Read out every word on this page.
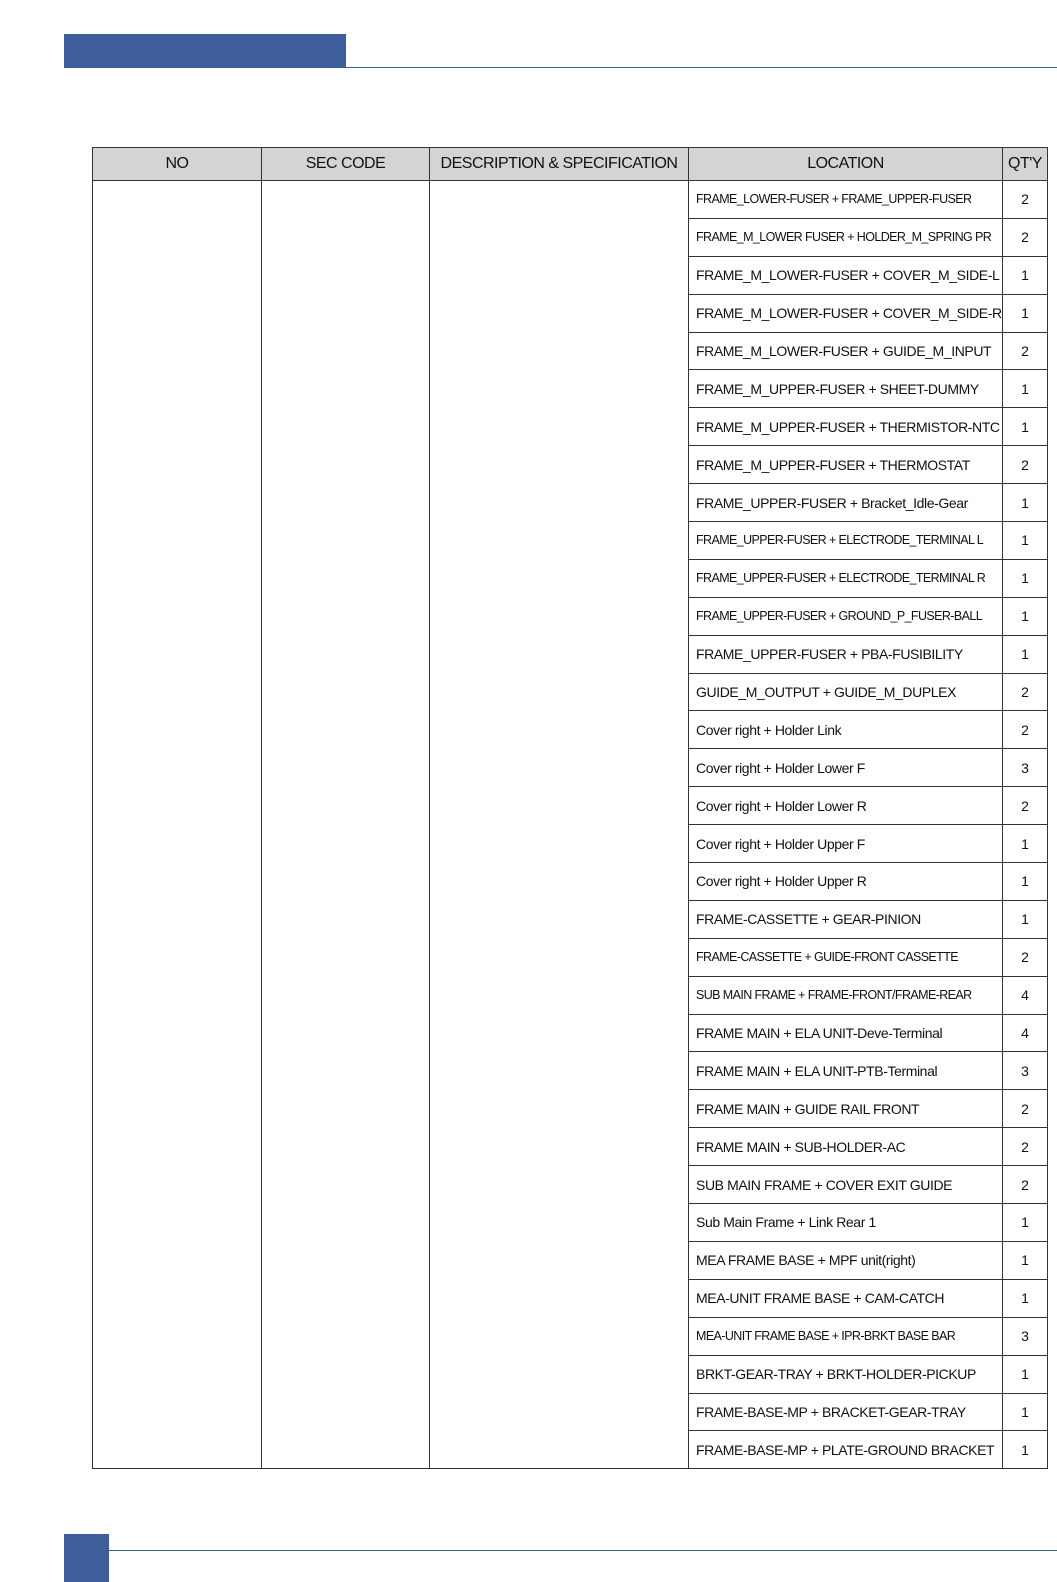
NO	SEC CODE	DESCRIPTION & SPECIFICATION	LOCATION	QT'Y
			FRAME_LOWER-FUSER + FRAME_UPPER-FUSER	2
			FRAME_M_LOWER FUSER + HOLDER_M_SPRING PR	2
			FRAME_M_LOWER-FUSER + COVER_M_SIDE-L	1
			FRAME_M_LOWER-FUSER + COVER_M_SIDE-R	1
			FRAME_M_LOWER-FUSER + GUIDE_M_INPUT	2
			FRAME_M_UPPER-FUSER + SHEET-DUMMY	1
			FRAME_M_UPPER-FUSER + THERMISTOR-NTC	1
			FRAME_M_UPPER-FUSER + THERMOSTAT	2
			FRAME_UPPER-FUSER + Bracket_Idle-Gear	1
			FRAME_UPPER-FUSER + ELECTRODE_TERMINAL L	1
			FRAME_UPPER-FUSER + ELECTRODE_TERMINAL R	1
			FRAME_UPPER-FUSER + GROUND_P_FUSER-BALL	1
			FRAME_UPPER-FUSER + PBA-FUSIBILITY	1
			GUIDE_M_OUTPUT + GUIDE_M_DUPLEX	2
			Cover right + Holder Link	2
			Cover right + Holder Lower F	3
			Cover right + Holder Lower R	2
			Cover right + Holder Upper F	1
			Cover right + Holder Upper R	1
			FRAME-CASSETTE + GEAR-PINION	1
			FRAME-CASSETTE + GUIDE-FRONT CASSETTE	2
			SUB MAIN FRAME + FRAME-FRONT/FRAME-REAR	4
			FRAME MAIN + ELA UNIT-Deve-Terminal	4
			FRAME MAIN + ELA UNIT-PTB-Terminal	3
			FRAME MAIN + GUIDE RAIL FRONT	2
			FRAME MAIN + SUB-HOLDER-AC	2
			SUB MAIN FRAME + COVER EXIT GUIDE	2
			Sub Main Frame + Link Rear 1	1
			MEA FRAME BASE + MPF unit(right)	1
			MEA-UNIT FRAME BASE + CAM-CATCH	1
			MEA-UNIT FRAME BASE + IPR-BRKT BASE BAR	3
			BRKT-GEAR-TRAY + BRKT-HOLDER-PICKUP	1
			FRAME-BASE-MP + BRACKET-GEAR-TRAY	1
			FRAME-BASE-MP + PLATE-GROUND BRACKET	1
